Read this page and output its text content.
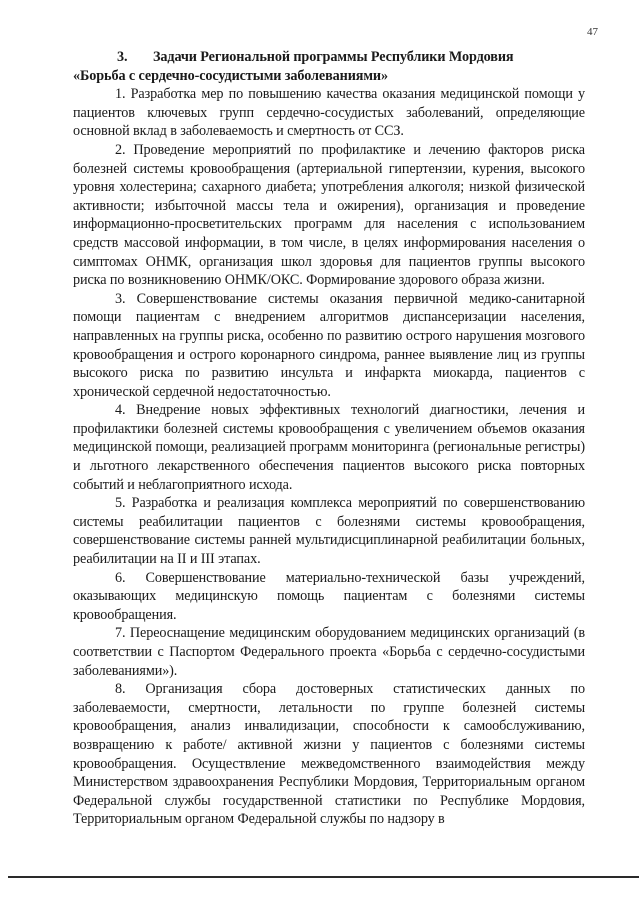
47
3.	Задачи Региональной программы Республики Мордовия
«Борьба с сердечно-сосудистыми заболеваниями»

1. Разработка мер по повышению качества оказания медицинской помощи у пациентов ключевых групп сердечно-сосудистых заболеваний, определяющие основной вклад в заболеваемость и смертность от ССЗ.

2. Проведение мероприятий по профилактике и лечению факторов риска болезней системы кровообращения (артериальной гипертензии, курения, высокого уровня холестерина; сахарного диабета; употребления алкоголя; низкой физической активности; избыточной массы тела и ожирения), организация и проведение информационно-просветительских программ для населения с использованием средств массовой информации, в том числе, в целях информирования населения о симптомах ОНМК, организация школ здоровья для пациентов группы высокого риска по возникновению ОНМК/ОКС. Формирование здорового образа жизни.

3. Совершенствование системы оказания первичной медико-санитарной помощи пациентам с внедрением алгоритмов диспансеризации населения, направленных на группы риска, особенно по развитию острого нарушения мозгового кровообращения и острого коронарного синдрома, раннее выявление лиц из группы высокого риска по развитию инсульта и инфаркта миокарда, пациентов с хронической сердечной недостаточностью.

4. Внедрение новых эффективных технологий диагностики, лечения и профилактики болезней системы кровообращения с увеличением объемов оказания медицинской помощи, реализацией программ мониторинга (региональные регистры) и льготного лекарственного обеспечения пациентов высокого риска повторных событий и неблагоприятного исхода.

5. Разработка и реализация комплекса мероприятий по совершенствованию системы реабилитации пациентов с болезнями системы кровообращения, совершенствование системы ранней мультидисциплинарной реабилитации больных, реабилитации на II и III этапах.

6. Совершенствование материально-технической базы учреждений, оказывающих медицинскую помощь пациентам с болезнями системы кровообращения.

7. Переоснащение медицинским оборудованием медицинских организаций (в соответствии с Паспортом Федерального проекта «Борьба с сердечно-сосудистыми заболеваниями»).

8. Организация сбора достоверных статистических данных по заболеваемости, смертности, летальности по группе болезней системы кровообращения, анализ инвалидизации, способности к самообслуживанию, возвращению к работе/ активной жизни у пациентов с болезнями системы кровообращения. Осуществление межведомственного взаимодействия между Министерством здравоохранения Республики Мордовия, Территориальным органом Федеральной службы государственной статистики по Республике Мордовия, Территориальным органом Федеральной службы по надзору в
